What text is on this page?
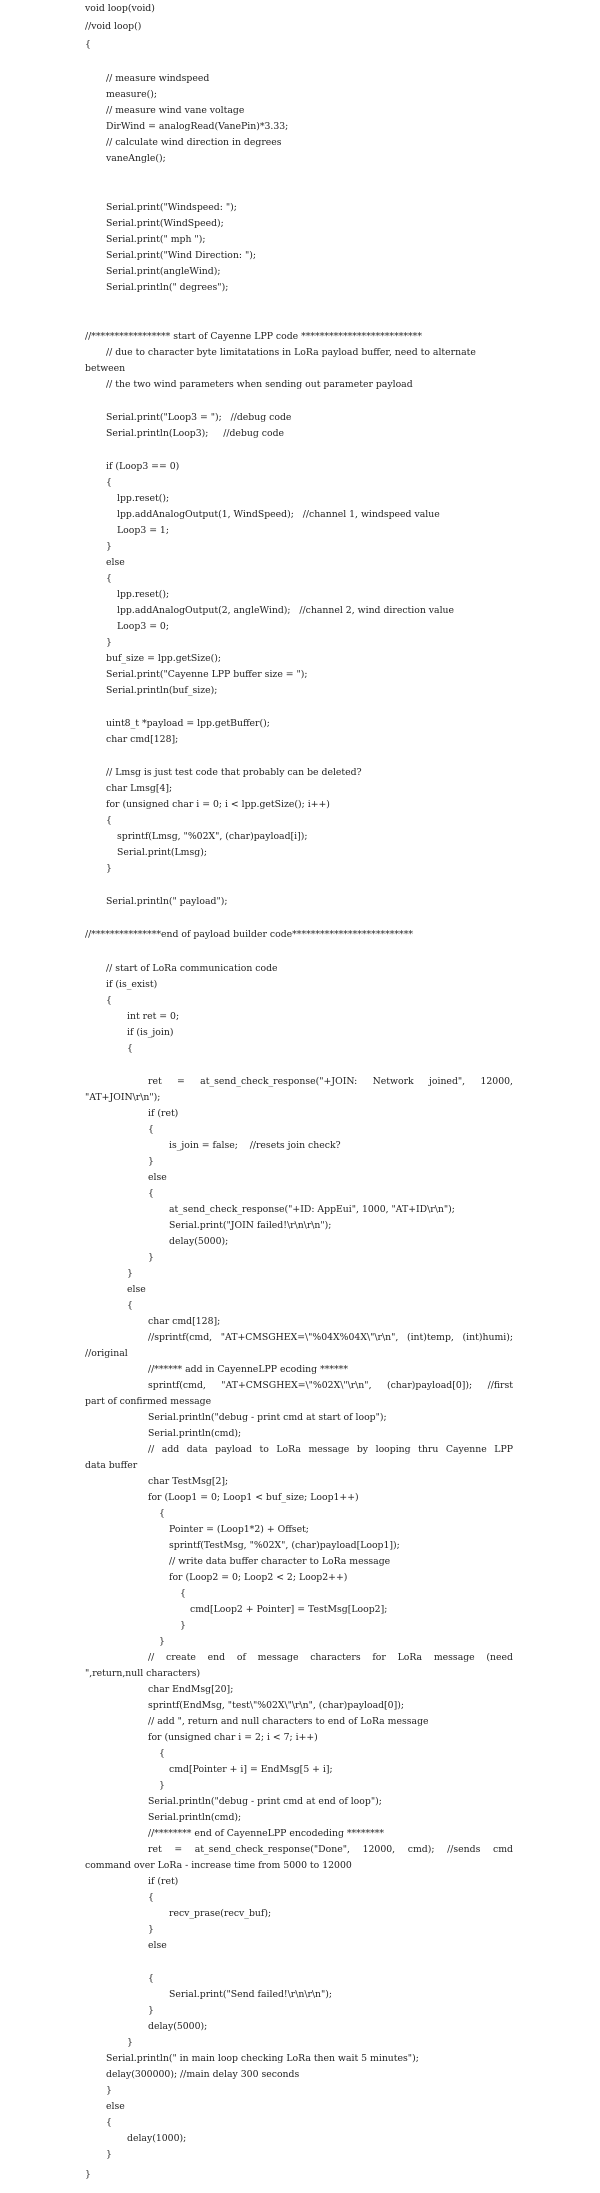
void loop(void)
//void loop()
{
// measure windspeed
measure();
// measure wind vane voltage
DirWind = analogRead(VanePin)*3.33;
// calculate wind direction in degrees
vaneAngle();
Serial.print("Windspeed: ");
Serial.print(WindSpeed);
Serial.print(" mph ");
Serial.print("Wind Direction: ");
Serial.print(angleWind);
Serial.println(" degrees");
//***************** start of Cayenne LPP code **************************
// due to character byte limitatations in LoRa payload buffer, need to alternate
between
// the two wind parameters when sending out parameter payload
Serial.print("Loop3 = ");   //debug code
Serial.println(Loop3);     //debug code
if (Loop3 == 0)
{
lpp.reset();
lpp.addAnalogOutput(1, WindSpeed);   //channel 1, windspeed value
Loop3 = 1;
}
else
{
lpp.reset();
lpp.addAnalogOutput(2, angleWind);   //channel 2, wind direction value
Loop3 = 0;
}
buf_size = lpp.getSize();
Serial.print("Cayenne LPP buffer size = ");
Serial.println(buf_size);
uint8_t *payload = lpp.getBuffer();
char cmd[128];
// Lmsg is just test code that probably can be deleted?
char Lmsg[4];
for (unsigned char i = 0; i < lpp.getSize(); i++)
{
sprintf(Lmsg, "%02X", (char)payload[i]);
Serial.print(Lmsg);
}
Serial.println(" payload");
//***************end of payload builder code**************************
// start of LoRa communication code
if (is_exist)
{
int ret = 0;
if (is_join)
{
ret = at_send_check_response("+JOIN: Network joined", 12000,
"AT+JOIN\r\n");
if (ret)
{
is_join = false;    //resets join check?
}
else
{
at_send_check_response("+ID: AppEui", 1000, "AT+ID\r\n");
Serial.print("JOIN failed!\r\n\r\n");
delay(5000);
}
}
else
{
char cmd[128];
//sprintf(cmd, "AT+CMSGHEX=\"%04X%04X\"\r\n", (int)temp, (int)humi);
//original
//****** add in CayenneLPP ecoding ******
sprintf(cmd, "AT+CMSGHEX=\"%02X\"\r\n", (char)payload[0]); //first
part of confirmed message
Serial.println("debug - print cmd at start of loop");
Serial.println(cmd);
// add data payload to LoRa message by looping thru Cayenne LPP
data buffer
char TestMsg[2];
for (Loop1 = 0; Loop1 < buf_size; Loop1++)
{
Pointer = (Loop1*2) + Offset;
sprintf(TestMsg, "%02X", (char)payload[Loop1]);
// write data buffer character to LoRa message
for (Loop2 = 0; Loop2 < 2; Loop2++)
{
cmd[Loop2 + Pointer] = TestMsg[Loop2];
}
}
// create end of message characters for LoRa message (need
",return,null characters)
char EndMsg[20];
sprintf(EndMsg, "test\"%02X\"\r\n", (char)payload[0]);
// add ", return and null characters to end of LoRa message
for (unsigned char i = 2; i < 7; i++)
{
cmd[Pointer + i] = EndMsg[5 + i];
}
Serial.println("debug - print cmd at end of loop");
Serial.println(cmd);
//******** end of CayenneLPP encodeding ********
ret = at_send_check_response("Done", 12000, cmd); //sends cmd
command over LoRa - increase time from 5000 to 12000
if (ret)
{
recv_prase(recv_buf);
}
else
{
Serial.print("Send failed!\r\n\r\n");
}
delay(5000);
}
Serial.println(" in main loop checking LoRa then wait 5 minutes");
delay(300000); //main delay 300 seconds
}
else
{
delay(1000);
}
}
